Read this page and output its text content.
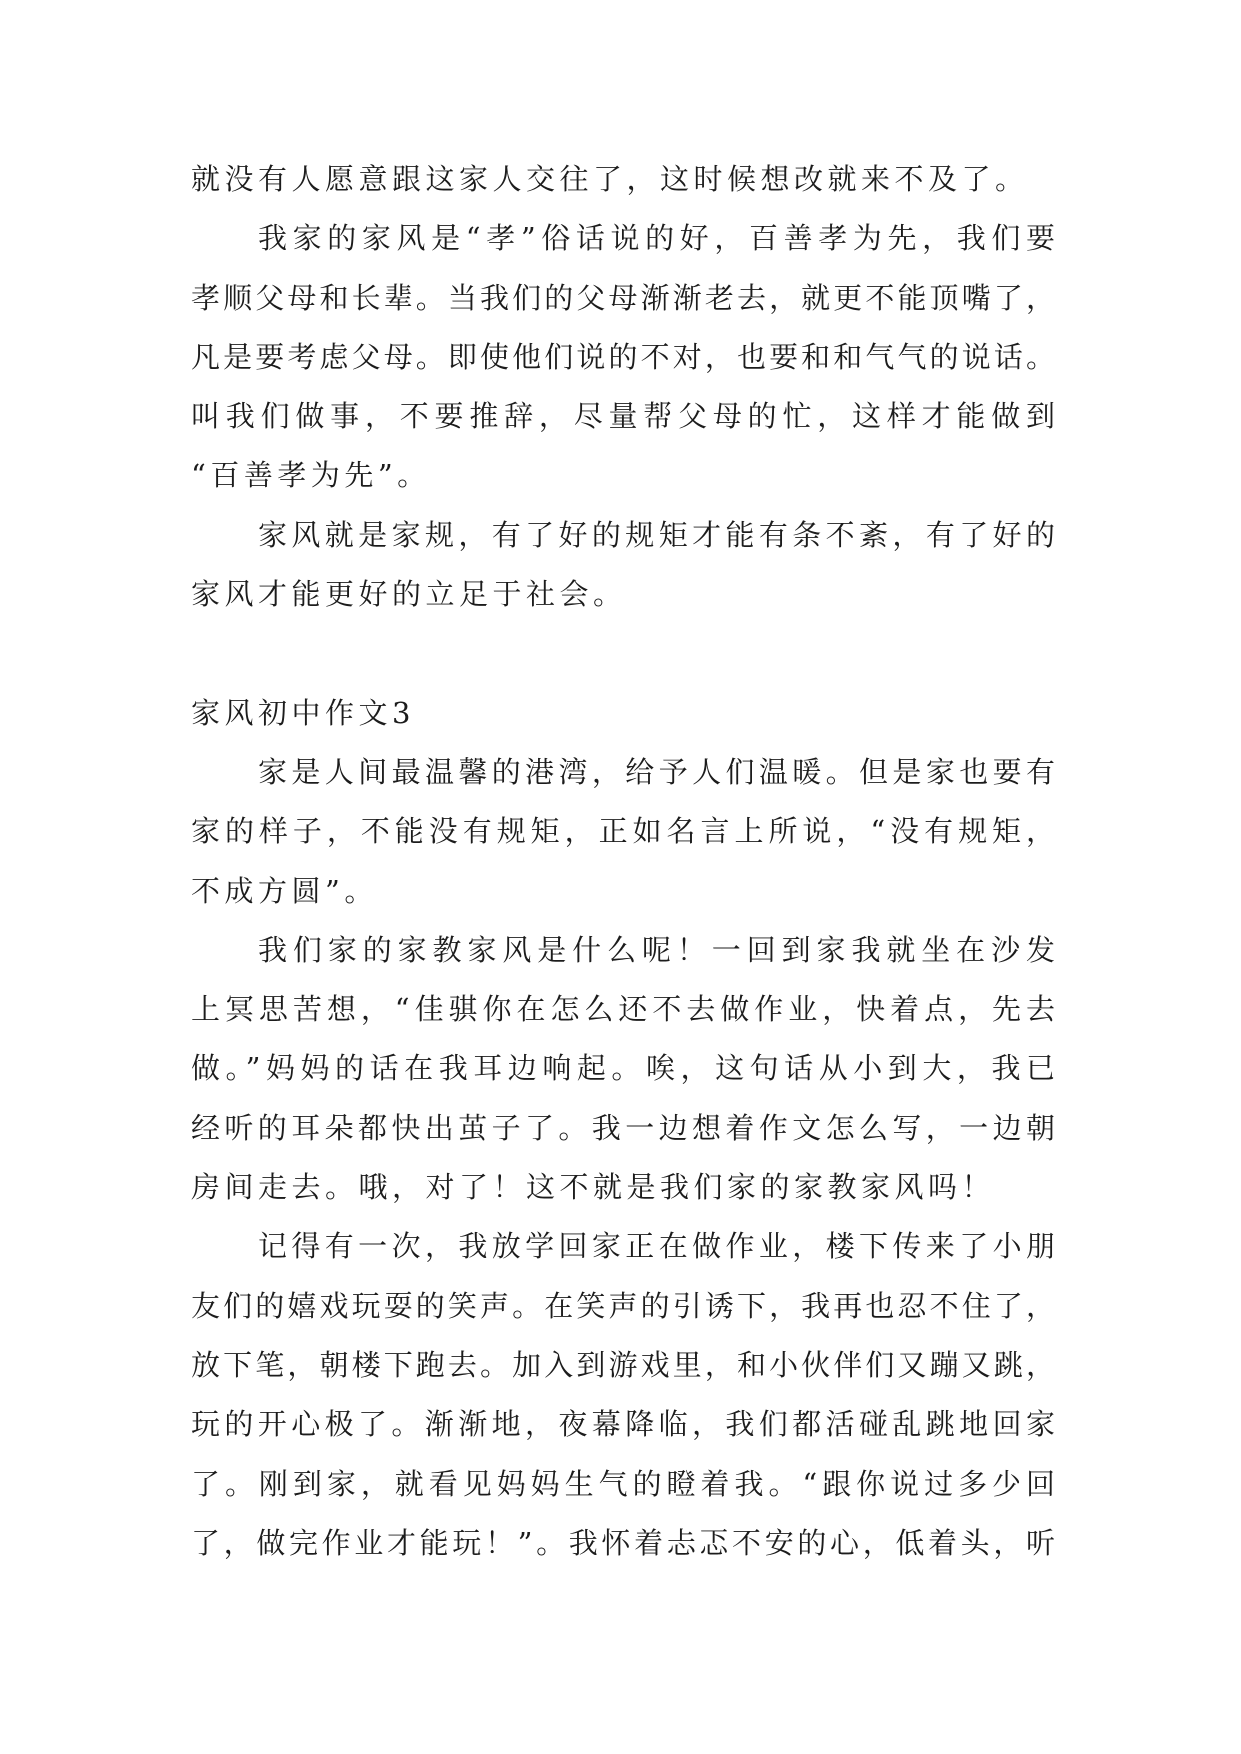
就没有人愿意跟这家人交往了，这时候想改就来不及了。
我家的家风是“孝”俗话说的好，百善孝为先，我们要
孝顺父母和长辈。当我们的父母渐渐老去，就更不能顶嘴了，
凡是要考虑父母。即使他们说的不对，也要和和气气的说话。
叫我们做事，不要推辞，尽量帮父母的忙，这样才能做到
“百善孝为先”。
家风就是家规，有了好的规矩才能有条不紊，有了好的
家风才能更好的立足于社会。
家风初中作文3
家是人间最温馨的港湾，给予人们温暖。但是家也要有
家的样子，不能没有规矩，正如名言上所说，“没有规矩，
不成方圆”。
我们家的家教家风是什么呢！一回到家我就坐在沙发
上冥思苦想，“佳骐你在怎么还不去做作业，快着点，先去
做。”妈妈的话在我耳边响起。唉，这句话从小到大，我已
经听的耳朵都快出茧子了。我一边想着作文怎么写，一边朝
房间走去。哦，对了！这不就是我们家的家教家风吗！
记得有一次，我放学回家正在做作业，楼下传来了小朋
友们的嬉戏玩耍的笑声。在笑声的引诱下，我再也忍不住了，
放下笔，朝楼下跑去。加入到游戏里，和小伙伴们又蹦又跳，
玩的开心极了。渐渐地，夜幕降临，我们都活碰乱跳地回家
了。刚到家，就看见妈妈生气的瞪着我。“跟你说过多少回
了，做完作业才能玩！”。我怀着忐忑不安的心，低着头，听
